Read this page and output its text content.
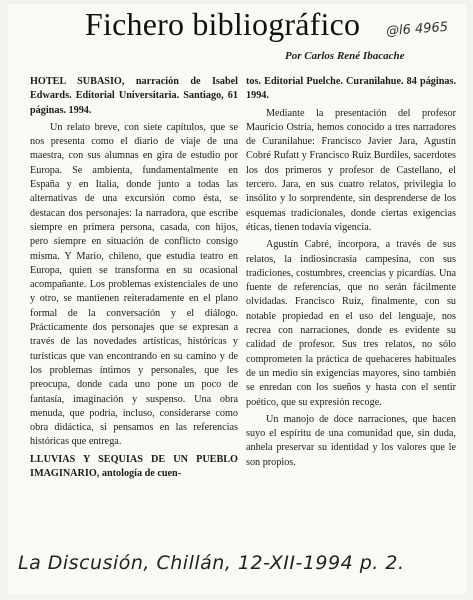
Fichero bibliográfico @l6 4965
Por Carlos René Ibacache

HOTEL SUBASIO, narración de Isabel Edwards. Editorial Universitaria. Santiago, 61 páginas. 1994.

Un relato breve, con siete capítulos, que se nos presenta como el diario de viaje de una maestra, con sus alumnas en gira de estudio por Europa. Se ambienta, fundamentalmente en España y en Italia, donde junto a todas las alternativas de una excursión como ésta, se destacan dos personajes: la narradora, que escribe siempre en primera persona, casada, con hijos, pero siempre en situación de conflicto consigo misma. Y Mario, chileno, que estudia teatro en Europa, quien se transforma en su ocasional acompañante. Los problemas existenciales de uno y otro, se mantienen reiteradamente en el plano formal de la conversación y el diálogo. Prácticamente dos personajes que se expresan a través de las novedades artísticas, históricas y turísticas que van encontrando en su camino y de los problemas íntimos y personales, que les preocupa, donde cada uno pone un poco de fantasía, imaginación y suspenso. Una obra menuda, que podría, incluso, considerarse como obra didáctica, si pensamos en las referencias históricas que entrega.

LLUVIAS Y SEQUIAS DE UN PUEBLO IMAGINARIO, antología de cuen-

tos. Editorial Puelche. Curanilahue. 84 páginas. 1994.

Mediante la presentación del profesor Mauricio Ostria, hemos conocido a tres narradores de Curanilahue: Francisco Javier Jara, Agustín Cobré Rufatt y Francisco Ruiz Burdiles, sacerdotes los dos primeros y profesor de Castellano, el tercero. Jara, en sus cuatro relatos, privilegia lo insólito y lo sorprendente, sin desprenderse de los esquemas tradicionales, donde ciertas exigencias éticas, tienen todavía vigencia.

Agustín Cabré, incorpora, a través de sus relatos, la indiosincrasia campesina, con sus tradiciones, costumbres, creencias y picardías. Una fuente de referencias, que no serán fácilmente olvidadas. Francisco Ruiz, finalmente, con su notable propiedad en el uso del lenguaje, nos recrea con narraciones, donde es evidente su calidad de profesor. Sus tres relatos, no sólo comprometen la práctica de quehaceres habituales de un medio sin exigencias mayores, sino también se enredan con los sueños y hasta con el sentir poético, que su expresión recoge.

Un manojo de doce narraciones, que hacen suyo el espíritu de una comunidad que, sin duda, anhela preservar su identidad y los valores que le son propios.

La Discusión, Chillán, 12-XII-1994 p. 2.
